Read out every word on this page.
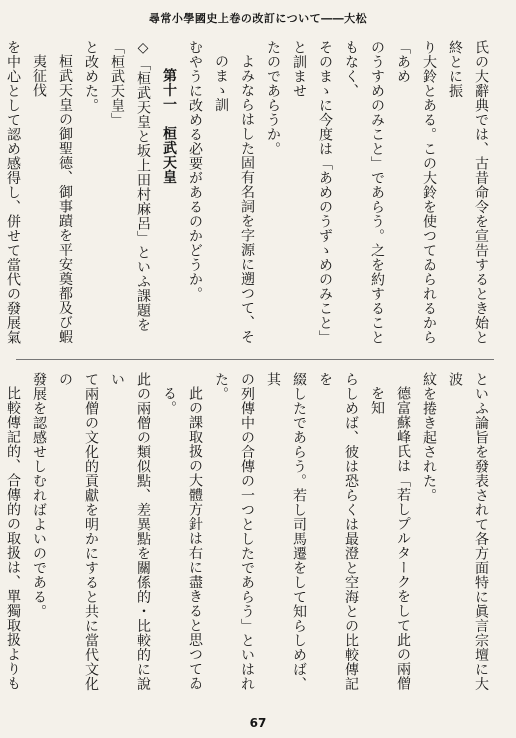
尋常小學國史上卷の改訂について――大松

氏の大辭典では、古昔命令を宣告するとき始と終とに振

り大鈴とある。この大鈴を使つてゐられるから「あめ

のうすめのみこと」であらう。之を約することもなく、

そのまゝに今度は「あめのうずゝめのみこと」と訓ませ

たのであらうか。

よみならはした固有名詞を字源に遡つて、そのまゝ訓

むやうに改める必要があるのかどうか。

第十一　桓武天皇

◇「桓武天皇と坂上田村麻呂」といふ課題を「桓武天皇」

と改めた。

桓武天皇の御聖德、御事蹟を平安奠都及び蝦夷征伐

を中心として認め感得し、併せて當代の發展氣

といふ論旨を發表されて各方面特に眞言宗壇に大波

紋を捲き起された。

德富蘇峰氏は「若しプルタークをして此の兩僧を知

らしめば、彼は恐らくは最澄と空海との比較傳記を

綴したであらう。若し司馬遷をして知らしめば、其

の列傳中の合傳の一つとしたであらう」といはれた。

此の課取扱の大體方針は右に盡きると思つてゐる。

此の兩僧の類似點、差異點を關係的・比較的に說い

て兩僧の文化的貢獻を明かにすると共に當代文化の

發展を認感せしむればよいのである。

比較傳記的、合傳的の取扱は、單獨取扱よりも

67
